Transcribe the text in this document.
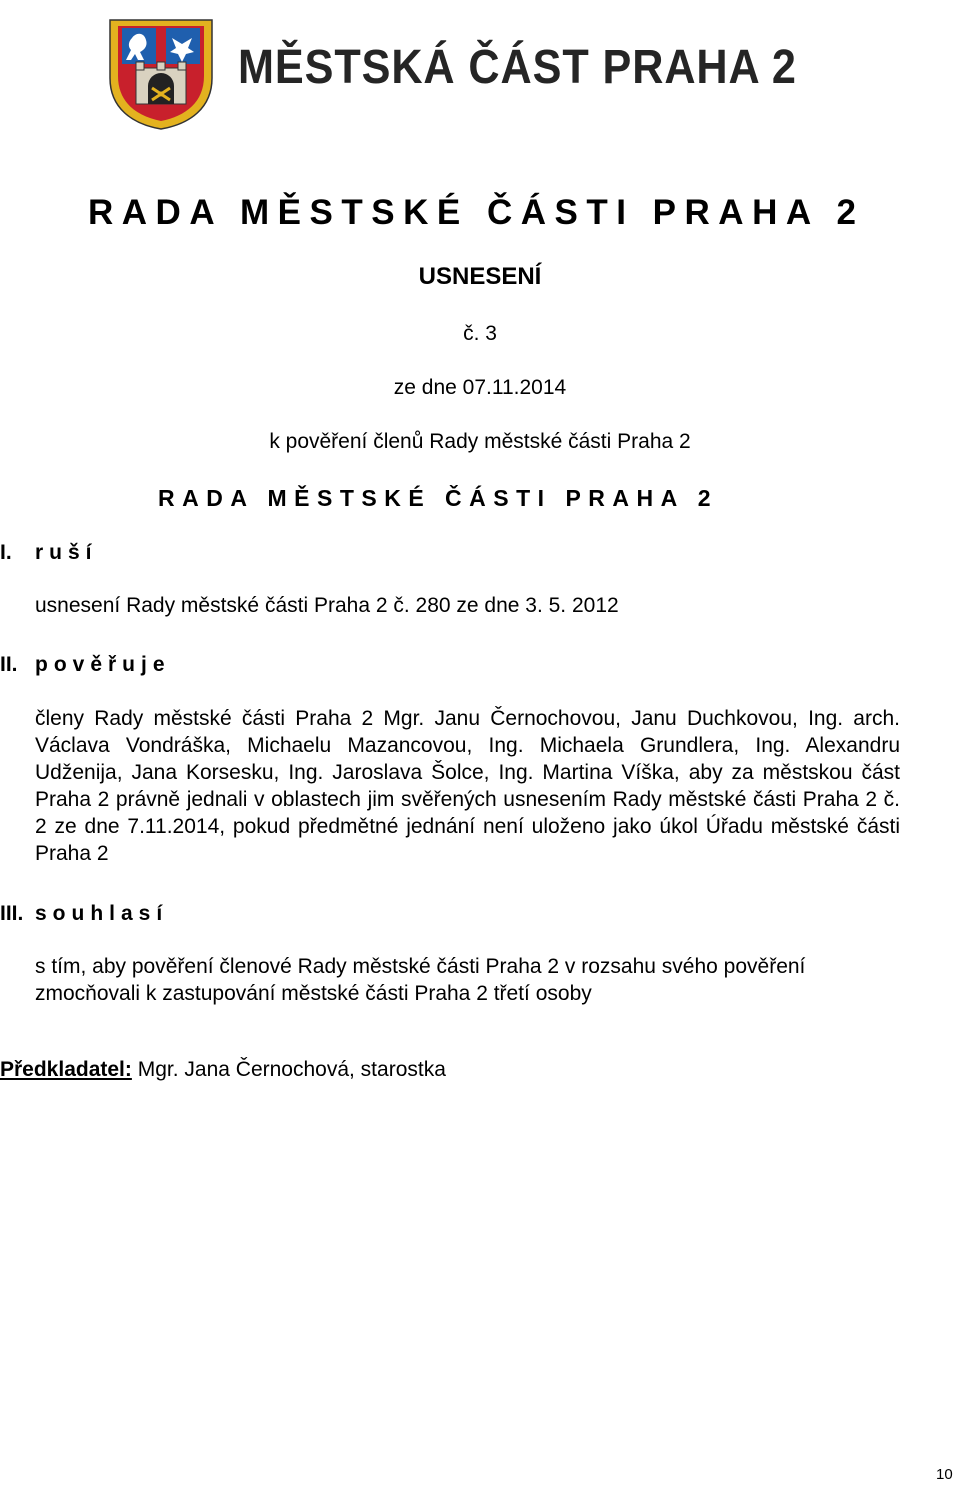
MĚSTSKÁ ČÁST PRAHA 2
RADA MĚSTSKÉ ČÁSTI PRAHA 2
USNESENÍ
č. 3
ze dne 07.11.2014
k pověření členů Rady městské části Praha 2
RADA MĚSTSKÉ ČÁSTI PRAHA 2
I. ruší
usnesení Rady městské části Praha 2 č. 280 ze dne 3. 5. 2012
II. pověřuje
členy Rady městské části Praha 2 Mgr. Janu Černochovou, Janu Duchkovou, Ing. arch. Václava Vondráška, Michaelu Mazancovou, Ing. Michaela Grundlera, Ing. Alexandru Udženija, Jana Korsesku, Ing. Jaroslava Šolce, Ing. Martina Víška, aby za městskou část Praha 2 právně jednali v oblastech jim svěřených usnesením Rady městské části Praha 2 č. 2 ze dne 7.11.2014, pokud předmětné jednání není uloženo jako úkol Úřadu městské části Praha 2
III. souhlasí
s tím, aby pověření členové Rady městské části Praha 2 v rozsahu svého pověření zmocňovali k zastupování městské části Praha 2 třetí osoby
Předkladatel: Mgr. Jana Černochová, starostka
10
